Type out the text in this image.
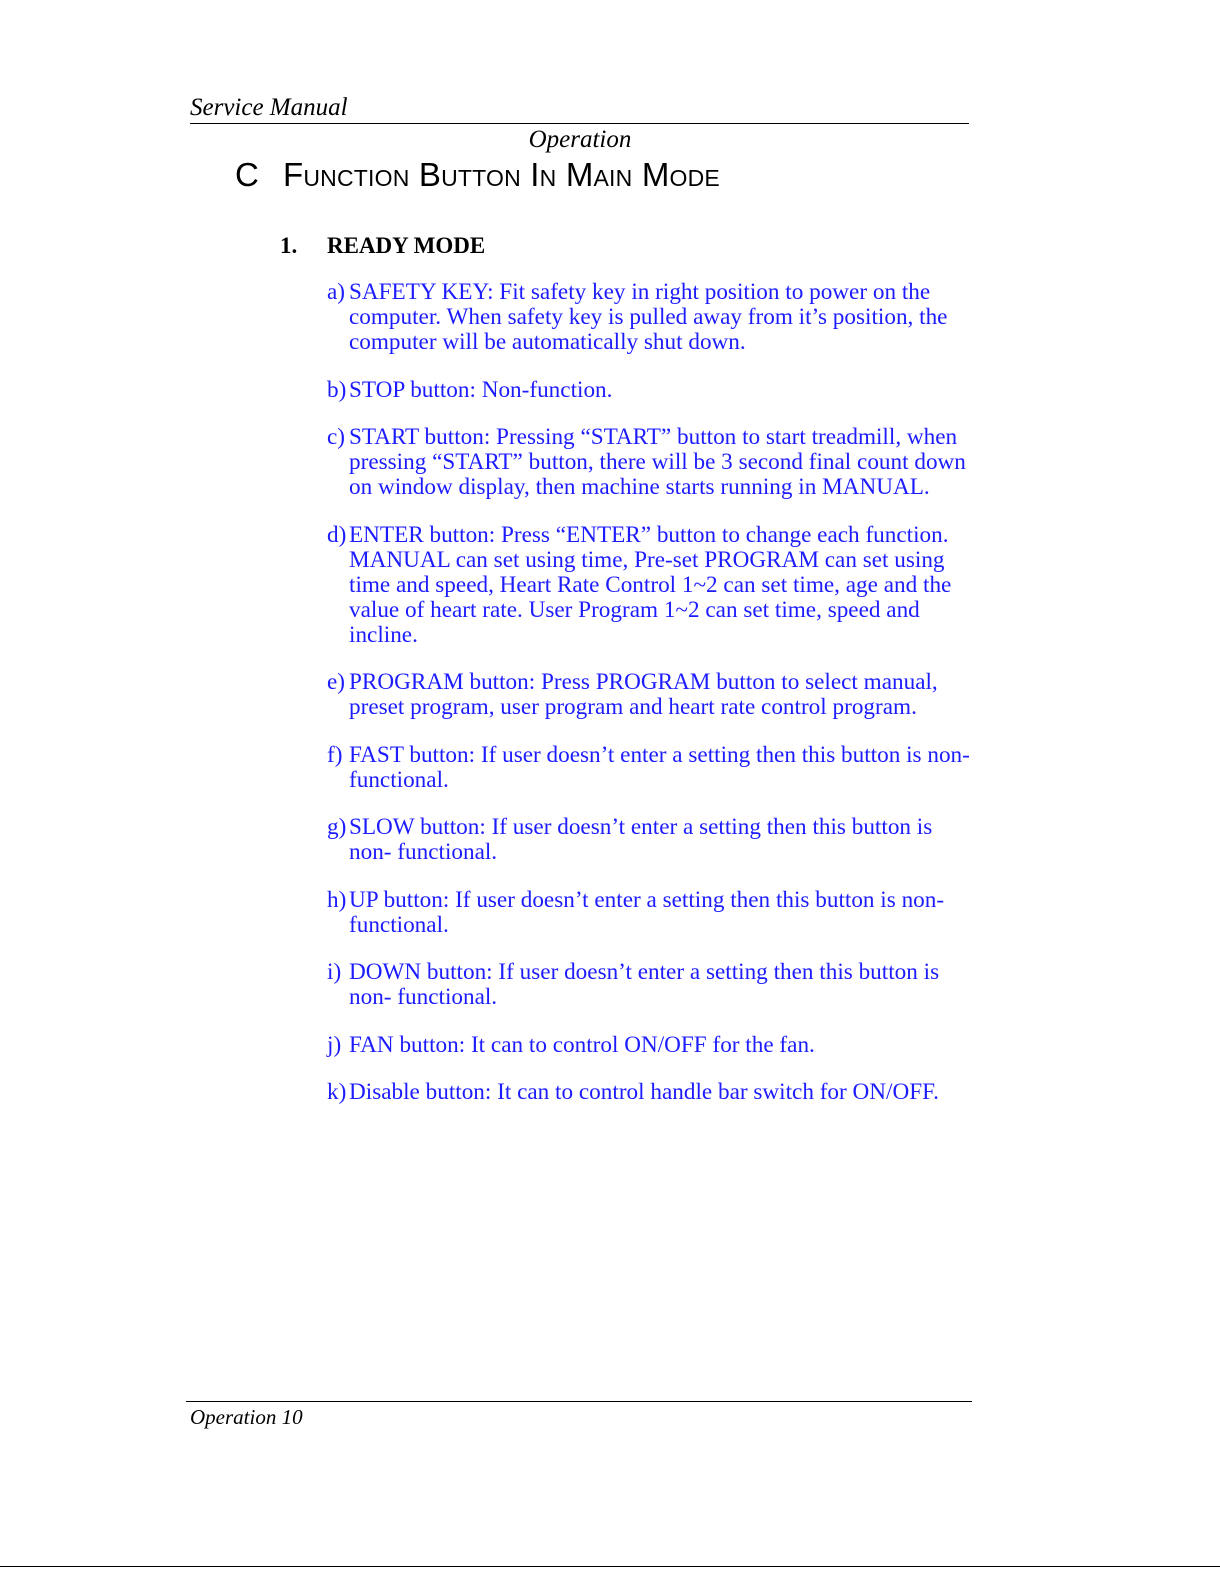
Service Manual
Operation
C Function Button In Main Mode
1. READY MODE
a) SAFETY KEY: Fit safety key in right position to power on the computer. When safety key is pulled away from it’s position, the computer will be automatically shut down.
b) STOP button: Non-function.
c) START button: Pressing “START” button to start treadmill, when pressing “START” button, there will be 3 second final count down on window display, then machine starts running in MANUAL.
d) ENTER button: Press “ENTER” button to change each function. MANUAL can set using time, Pre-set PROGRAM can set using time and speed, Heart Rate Control 1~2 can set time, age and the value of heart rate. User Program 1~2 can set time, speed and incline.
e) PROGRAM button: Press PROGRAM button to select manual, preset program, user program and heart rate control program.
f) FAST button: If user doesn’t enter a setting then this button is non-functional.
g) SLOW button: If user doesn’t enter a setting then this button is non- functional.
h) UP button: If user doesn’t enter a setting then this button is non-functional.
i) DOWN button: If user doesn’t enter a setting then this button is non- functional.
j) FAN button: It can to control ON/OFF for the fan.
k) Disable button: It can to control handle bar switch for ON/OFF.
Operation 10
